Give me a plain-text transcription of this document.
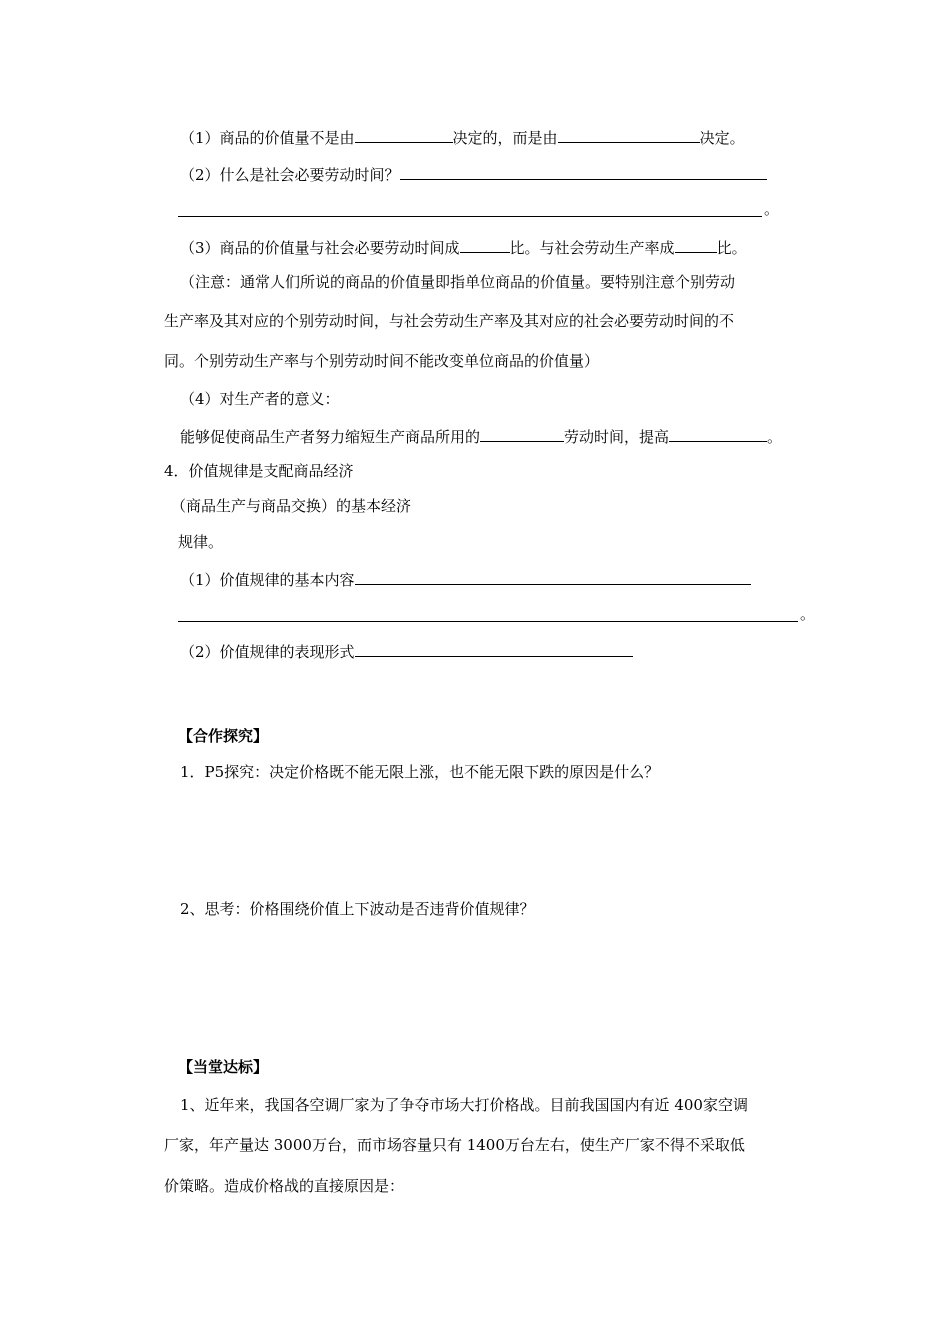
（1）商品的价值量不是由	决定的，而是由	决定。
（2）什么是社会必要劳动时间？
。
（3）商品的价值量与社会必要劳动时间成	比。与社会劳动生产率成	比。
（注意：通常人们所说的商品的价值量即指单位商品的价值量。要特别注意个别劳动
生产率及其对应的个别劳动时间，与社会劳动生产率及其对应的社会必要劳动时间的不
同。个别劳动生产率与个别劳动时间不能改变单位商品的价值量）
（4）对生产者的意义：
能够促使商品生产者努力缩短生产商品所用的	劳动时间，提高	。
4．价值规律是支配商品经济
（商品生产与商品交换）的基本经济
规律。
（1）价值规律的基本内容
。
（2）价值规律的表现形式
【合作探究】
1．P5探究：决定价格既不能无限上涨，也不能无限下跌的原因是什么？
2、思考：价格围绕价值上下波动是否违背价值规律？
【当堂达标】
1、近年来，我国各空调厂家为了争夺市场大打价格战。目前我国国内有近 400家空调
厂家，年产量达 3000万台，而市场容量只有 1400万台左右，使生产厂家不得不采取低
价策略。造成价格战的直接原因是：
